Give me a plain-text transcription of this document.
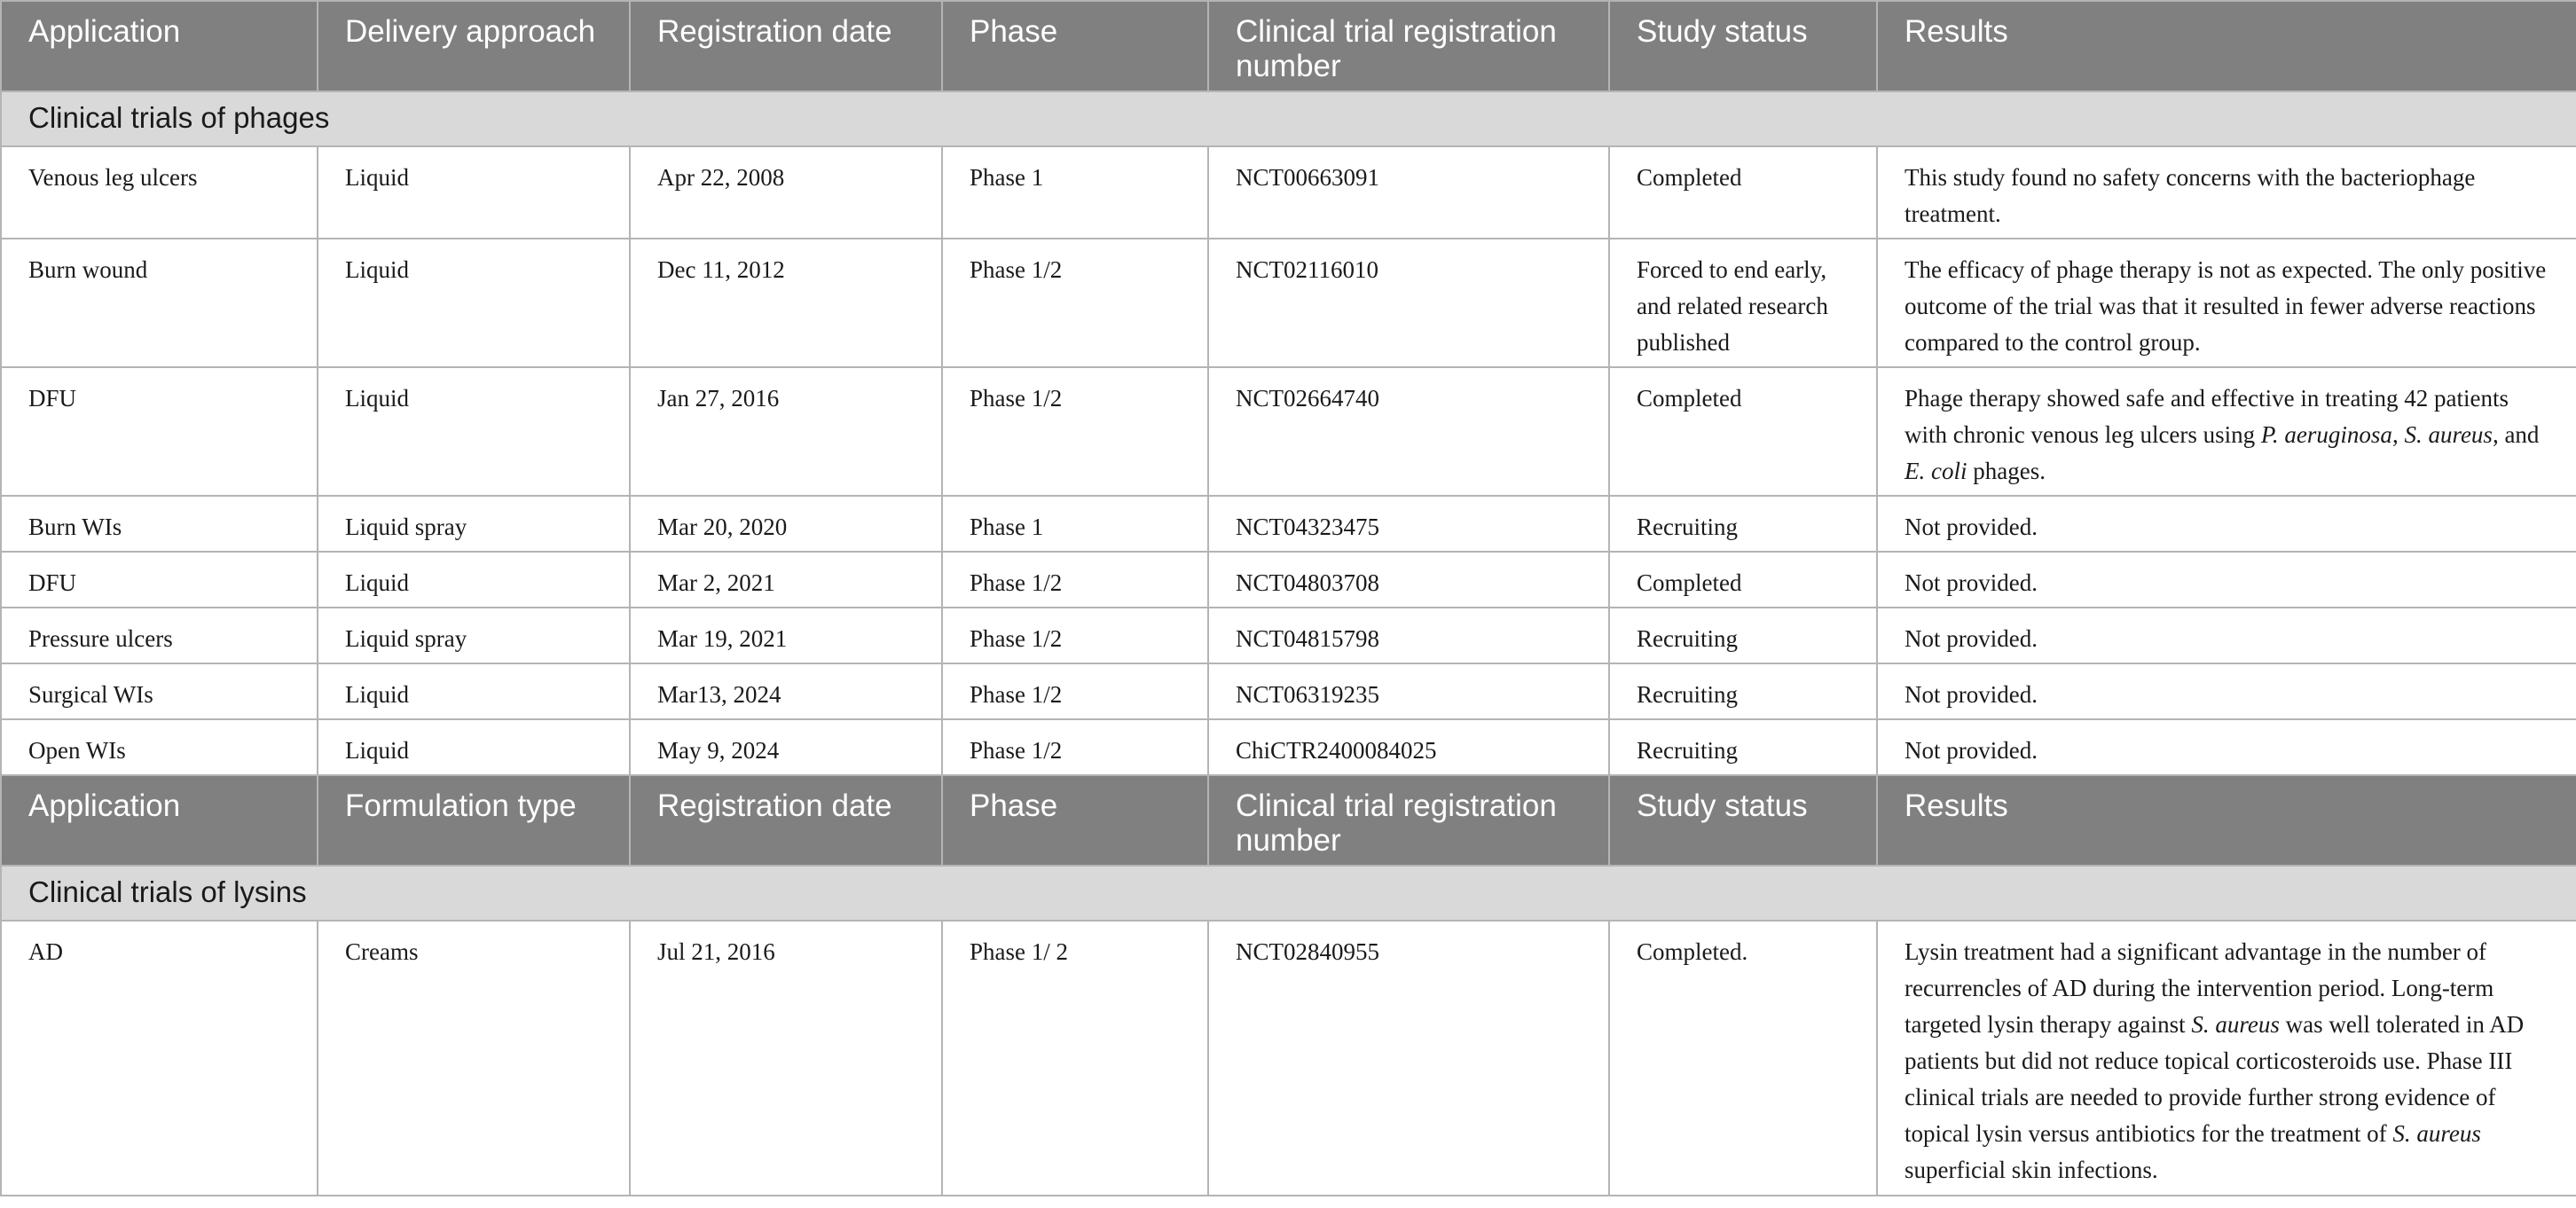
Application	Delivery approach	Registration date	Phase	Clinical trial registration number	Study status	Results
Clinical trials of phages						
Venous leg ulcers	Liquid	Apr 22, 2008	Phase 1	NCT00663091	Completed	This study found no safety concerns with the bacteriophage treatment.
Burn wound	Liquid	Dec 11, 2012	Phase 1/2	NCT02116010	Forced to end early, and related research published	The efficacy of phage therapy is not as expected. The only positive outcome of the trial was that it resulted in fewer adverse reactions compared to the control group.
DFU	Liquid	Jan 27, 2016	Phase 1/2	NCT02664740	Completed	Phage therapy showed safe and effective in treating 42 patients with chronic venous leg ulcers using P. aeruginosa, S. aureus, and E. coli phages.
Burn WIs	Liquid spray	Mar 20, 2020	Phase 1	NCT04323475	Recruiting	Not provided.
DFU	Liquid	Mar 2, 2021	Phase 1/2	NCT04803708	Completed	Not provided.
Pressure ulcers	Liquid spray	Mar 19, 2021	Phase 1/2	NCT04815798	Recruiting	Not provided.
Surgical WIs	Liquid	Mar13, 2024	Phase 1/2	NCT06319235	Recruiting	Not provided.
Open WIs	Liquid	May 9, 2024	Phase 1/2	ChiCTR2400084025	Recruiting	Not provided.
Application	Formulation type	Registration date	Phase	Clinical trial registration number	Study status	Results
Clinical trials of lysins						
AD	Creams	Jul 21, 2016	Phase 1/ 2	NCT02840955	Completed.	Lysin treatment had a significant advantage in the number of recurrencles of AD during the intervention period. Long-term targeted lysin therapy against S. aureus was well tolerated in AD patients but did not reduce topical corticosteroids use. Phase III clinical trials are needed to provide further strong evidence of topical lysin versus antibiotics for the treatment of S. aureus superficial skin infections.
